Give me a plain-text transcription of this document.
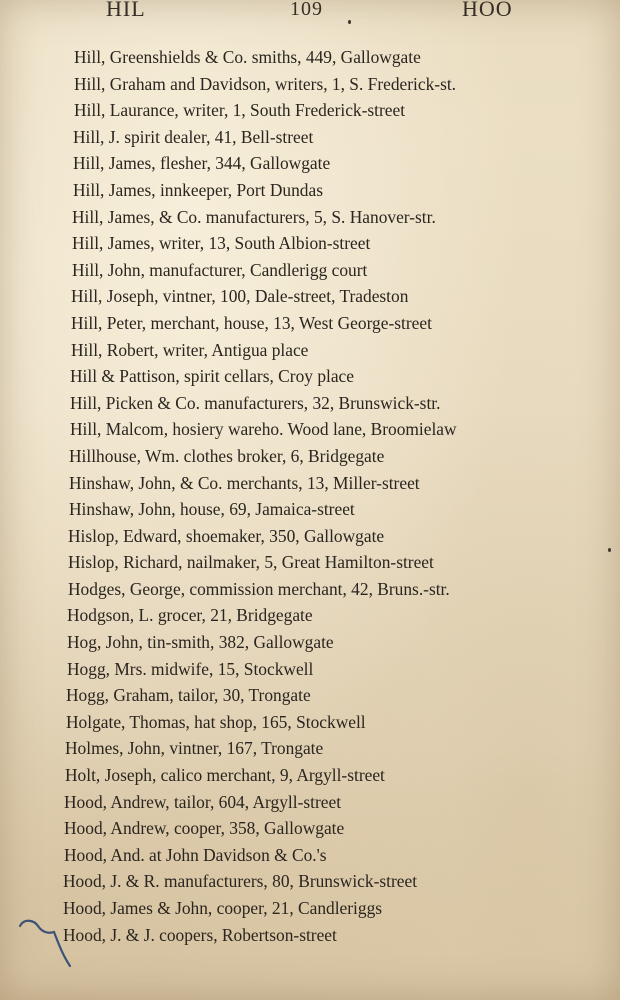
HIL	109	HOO
Hill, Greenshields & Co. smiths, 449, Gallowgate
Hill, Graham and Davidson, writers, 1, S. Frederick-st.
Hill, Laurance, writer, 1, South Frederick-street
Hill, J. spirit dealer, 41, Bell-street
Hill, James, flesher, 344, Gallowgate
Hill, James, innkeeper, Port Dundas
Hill, James, & Co. manufacturers, 5, S. Hanover-str.
Hill, James, writer, 13, South Albion-street
Hill, John, manufacturer, Candlerigg court
Hill, Joseph, vintner, 100, Dale-street, Tradeston
Hill, Peter, merchant, house, 13, West George-street
Hill, Robert, writer, Antigua place
Hill & Pattison, spirit cellars, Croy place
Hill, Picken & Co. manufacturers, 32, Brunswick-str.
Hill, Malcom, hosiery wareho. Wood lane, Broomielaw
Hillhouse, Wm. clothes broker, 6, Bridgegate
Hinshaw, John, & Co. merchants, 13, Miller-street
Hinshaw, John, house, 69, Jamaica-street
Hislop, Edward, shoemaker, 350, Gallowgate
Hislop, Richard, nailmaker, 5, Great Hamilton-street
Hodges, George, commission merchant, 42, Bruns.-str.
Hodgson, L. grocer, 21, Bridgegate
Hog, John, tin-smith, 382, Gallowgate
Hogg, Mrs. midwife, 15, Stockwell
Hogg, Graham, tailor, 30, Trongate
Holgate, Thomas, hat shop, 165, Stockwell
Holmes, John, vintner, 167, Trongate
Holt, Joseph, calico merchant, 9, Argyll-street
Hood, Andrew, tailor, 604, Argyll-street
Hood, Andrew, cooper, 358, Gallowgate
Hood, And. at John Davidson & Co.'s
Hood, J. & R. manufacturers, 80, Brunswick-street
Hood, James & John, cooper, 21, Candleriggs
Hood, J. & J. coopers, Robertson-street
